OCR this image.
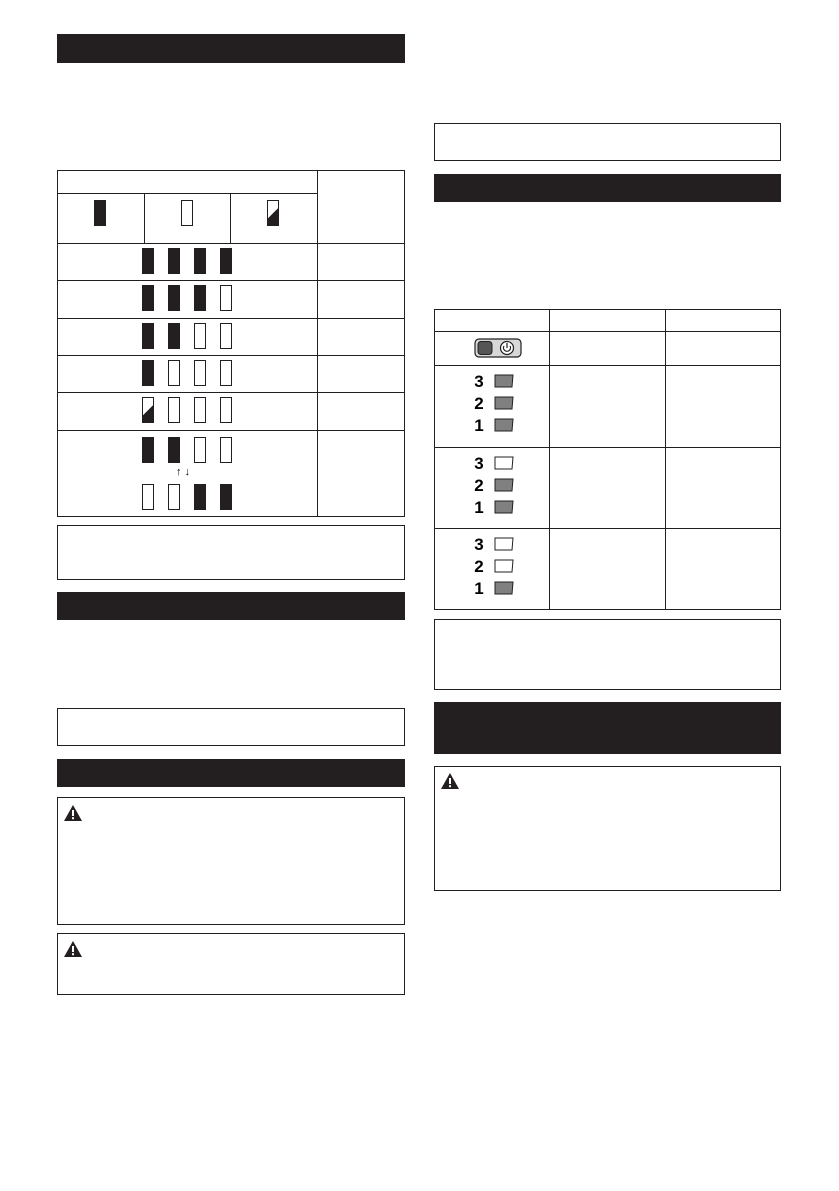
↑ ↓
3
2
1
3
2
1
3
2
1
